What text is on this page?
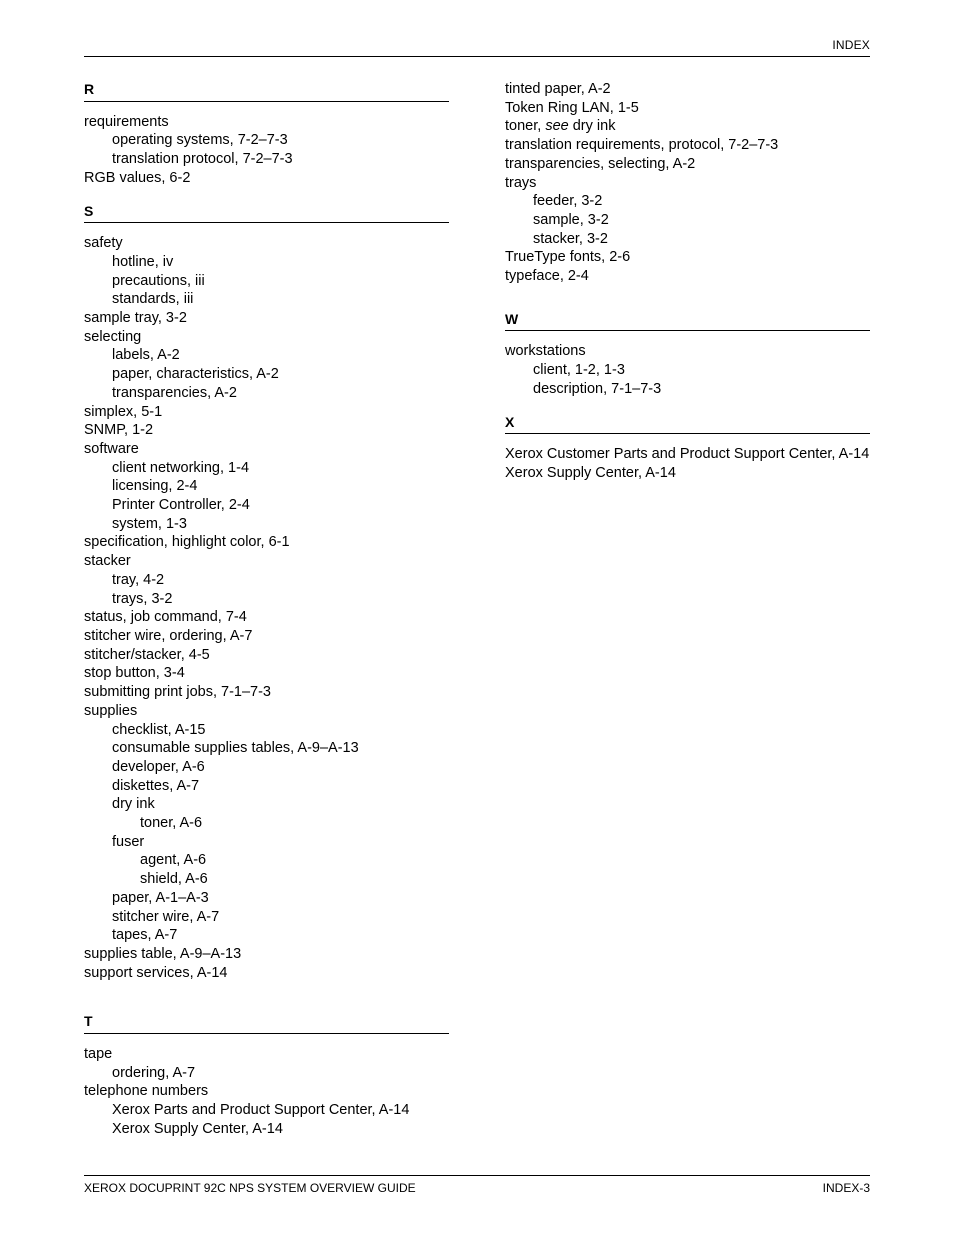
INDEX
R
requirements
operating systems, 7-2–7-3
translation protocol, 7-2–7-3
RGB values, 6-2
S
safety
hotline, iv
precautions, iii
standards, iii
sample tray, 3-2
selecting
labels, A-2
paper, characteristics, A-2
transparencies, A-2
simplex, 5-1
SNMP, 1-2
software
client networking, 1-4
licensing, 2-4
Printer Controller, 2-4
system, 1-3
specification, highlight color, 6-1
stacker
tray, 4-2
trays, 3-2
status, job command, 7-4
stitcher wire, ordering, A-7
stitcher/stacker, 4-5
stop button, 3-4
submitting print jobs, 7-1–7-3
supplies
checklist, A-15
consumable supplies tables, A-9–A-13
developer, A-6
diskettes, A-7
dry ink
toner, A-6
fuser
agent, A-6
shield, A-6
paper, A-1–A-3
stitcher wire, A-7
tapes, A-7
supplies table, A-9–A-13
support services, A-14
T
tape
ordering, A-7
telephone numbers
Xerox Parts and Product Support Center, A-14
Xerox Supply Center, A-14
tinted paper, A-2
Token Ring LAN, 1-5
toner, see dry ink
translation requirements, protocol, 7-2–7-3
transparencies, selecting, A-2
trays
feeder, 3-2
sample, 3-2
stacker, 3-2
TrueType fonts, 2-6
typeface, 2-4
W
workstations
client, 1-2, 1-3
description, 7-1–7-3
X
Xerox Customer Parts and Product Support Center, A-14
Xerox Supply Center, A-14
XEROX DOCUPRINT 92C NPS SYSTEM OVERVIEW GUIDE	INDEX-3
